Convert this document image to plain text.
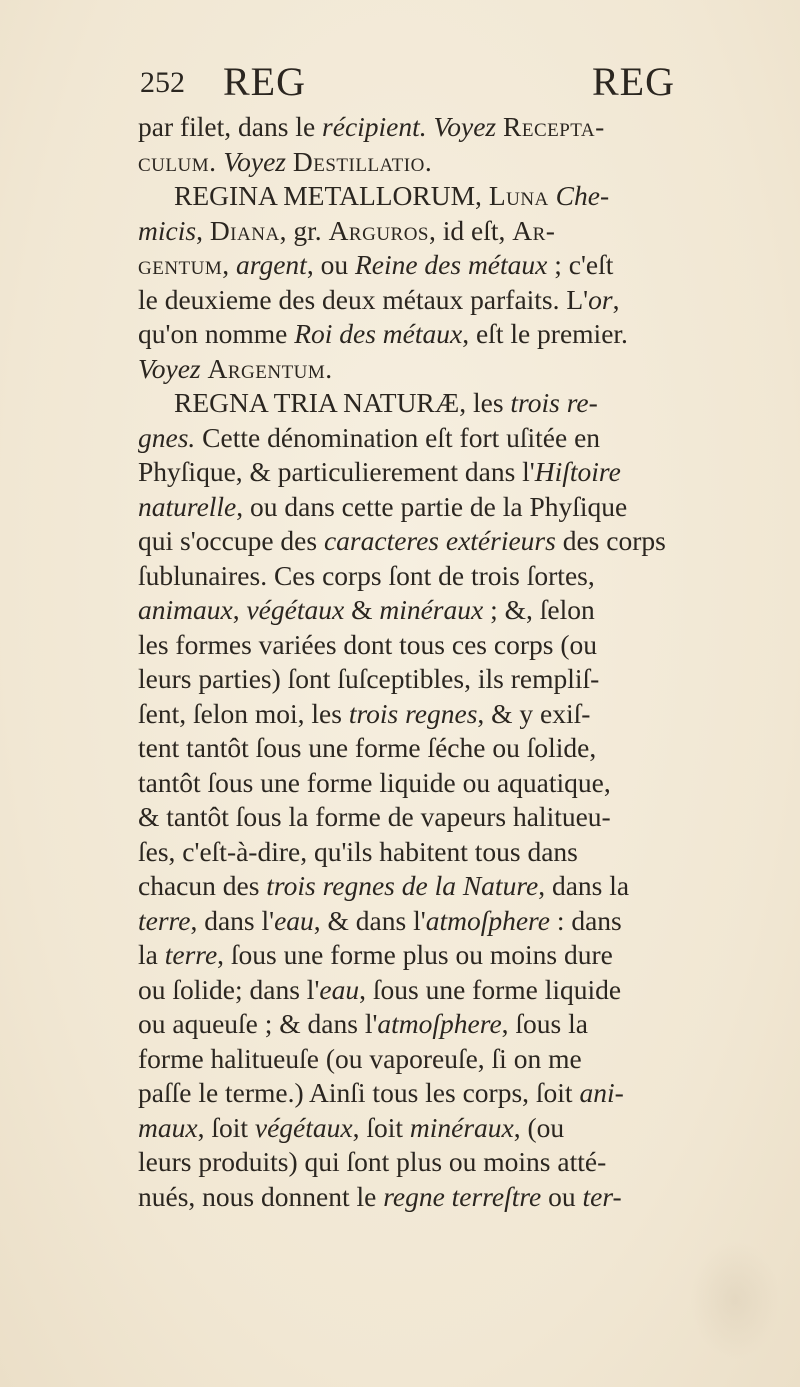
252 REG	REG
par filet, dans le récipient. Voyez Recepta-
culum. Voyez Destillatio.
REGINA METALLORUM, Luna Che-
micis, Diana, gr. Arguros, id eſt, Ar-
gentum, argent, ou Reine des métaux ; c'eſt
le deuxieme des deux métaux parfaits. L'or,
qu'on nomme Roi des métaux, eſt le premier.
Voyez Argentum.
REGNA TRIA NATURÆ, les trois re-
gnes. Cette dénomination eſt fort uſitée en
Phyſique, & particulierement dans l'Hiſtoire
naturelle, ou dans cette partie de la Phyſique
qui s'occupe des caracteres extérieurs des corps
ſublunaires. Ces corps ſont de trois ſortes,
animaux, végétaux & minéraux ; &, ſelon
les formes variées dont tous ces corps (ou
leurs parties) ſont ſuſceptibles, ils rempliſ-
ſent, ſelon moi, les trois regnes, & y exiſ-
tent tantôt ſous une forme ſéche ou ſolide,
tantôt ſous une forme liquide ou aquatique,
& tantôt ſous la forme de vapeurs halitueu-
ſes, c'eſt-à-dire, qu'ils habitent tous dans
chacun des trois regnes de la Nature, dans la
terre, dans l'eau, & dans l'atmoſphere : dans
la terre, ſous une forme plus ou moins dure
ou ſolide; dans l'eau, ſous une forme liquide
ou aqueuſe ; & dans l'atmoſphere, ſous la
forme halitueuſe (ou vaporeuſe, ſi on me
paſſe le terme.) Ainſi tous les corps, ſoit ani-
maux, ſoit végétaux, ſoit minéraux, (ou
leurs produits) qui ſont plus ou moins atté-
nués, nous donnent le regne terreſtre ou ter-
